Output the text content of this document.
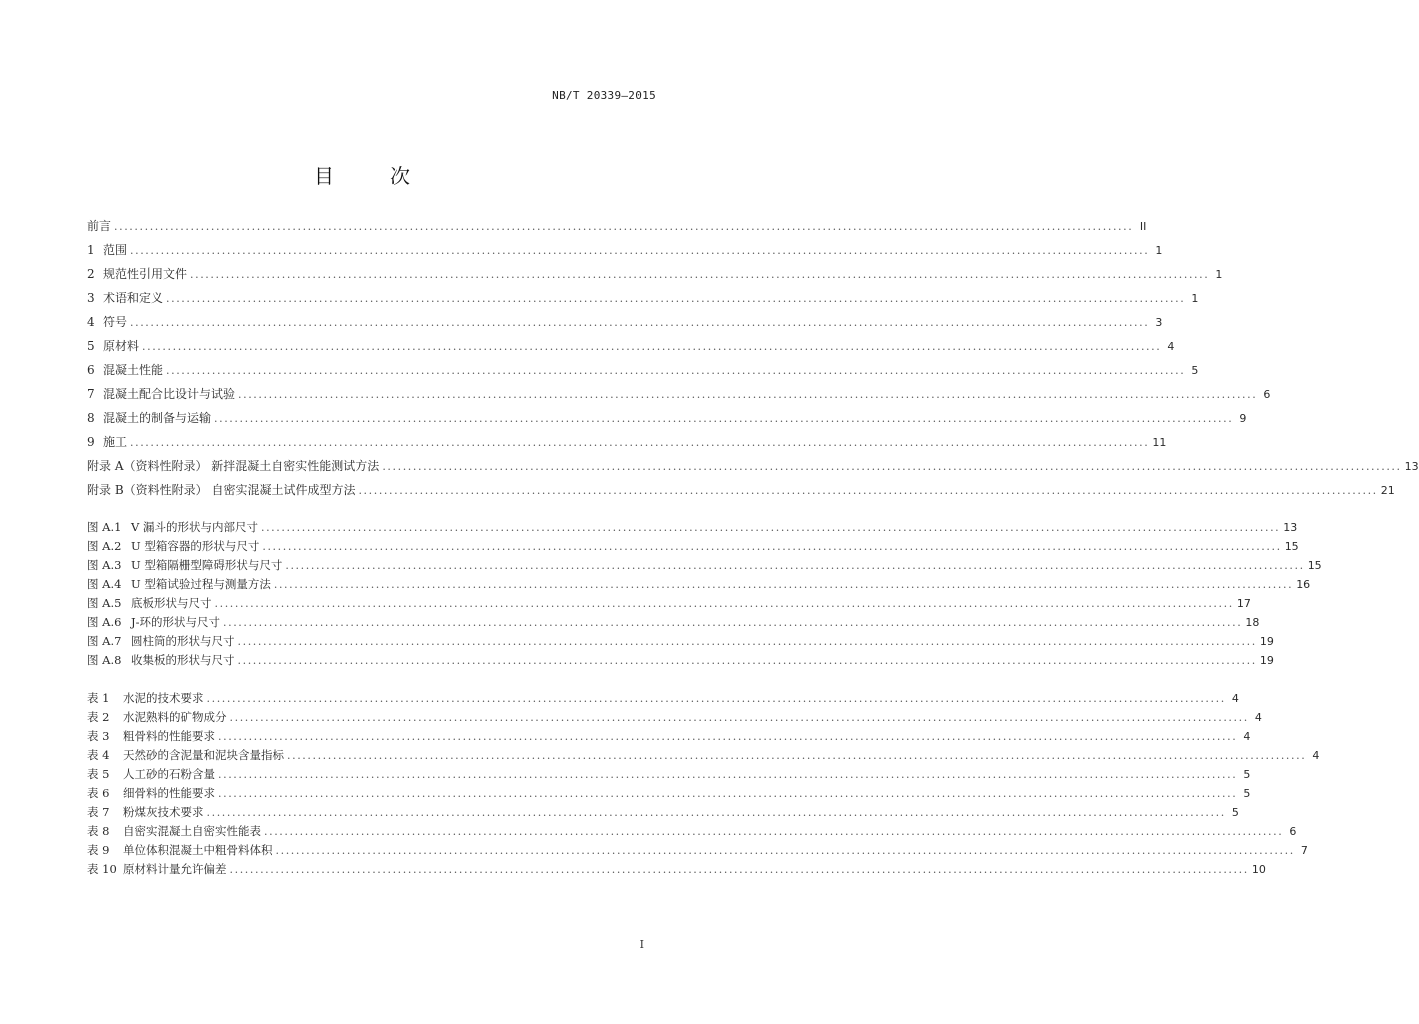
NB/T 20339—2015
目	次
前言 ........................................................................................................................................................................................................ II
1 范围 ........................................................................................................................................................................................................ 1
2 规范性引用文件 ........................................................................................................................................................................................................ 1
3 术语和定义 ........................................................................................................................................................................................................ 1
4 符号 ........................................................................................................................................................................................................ 3
5 原材料 ........................................................................................................................................................................................................ 4
6 混凝土性能 ........................................................................................................................................................................................................ 5
7 混凝土配合比设计与试验 ........................................................................................................................................................................................................ 6
8 混凝土的制备与运输 ........................................................................................................................................................................................................ 9
9 施工 ........................................................................................................................................................................................................ 11
附录 A（资料性附录） 新拌混凝土自密实性能测试方法 ........................................................................................................................................................................................................ 13
附录 B（资料性附录） 自密实混凝土试件成型方法 ........................................................................................................................................................................................................ 21
图 A.1 V 漏斗的形状与内部尺寸 ........................................................................................................................................................................................................ 13
图 A.2 U 型箱容器的形状与尺寸 ........................................................................................................................................................................................................ 15
图 A.3 U 型箱隔栅型障碍形状与尺寸 ........................................................................................................................................................................................................ 15
图 A.4 U 型箱试验过程与测量方法 ........................................................................................................................................................................................................ 16
图 A.5 底板形状与尺寸 ........................................................................................................................................................................................................ 17
图 A.6 J-环的形状与尺寸 ........................................................................................................................................................................................................ 18
图 A.7 圆柱筒的形状与尺寸 ........................................................................................................................................................................................................ 19
图 A.8 收集板的形状与尺寸 ........................................................................................................................................................................................................ 19
表 1 水泥的技术要求 ........................................................................................................................................................................................................ 4
表 2 水泥熟料的矿物成分 ........................................................................................................................................................................................................ 4
表 3 粗骨料的性能要求 ........................................................................................................................................................................................................ 4
表 4 天然砂的含泥量和泥块含量指标 ........................................................................................................................................................................................................ 4
表 5 人工砂的石粉含量 ........................................................................................................................................................................................................ 5
表 6 细骨料的性能要求 ........................................................................................................................................................................................................ 5
表 7 粉煤灰技术要求 ........................................................................................................................................................................................................ 5
表 8 自密实混凝土自密实性能表 ........................................................................................................................................................................................................ 6
表 9 单位体积混凝土中粗骨料体积 ........................................................................................................................................................................................................ 7
表 10 原材料计量允许偏差 ........................................................................................................................................................................................................ 10
I
